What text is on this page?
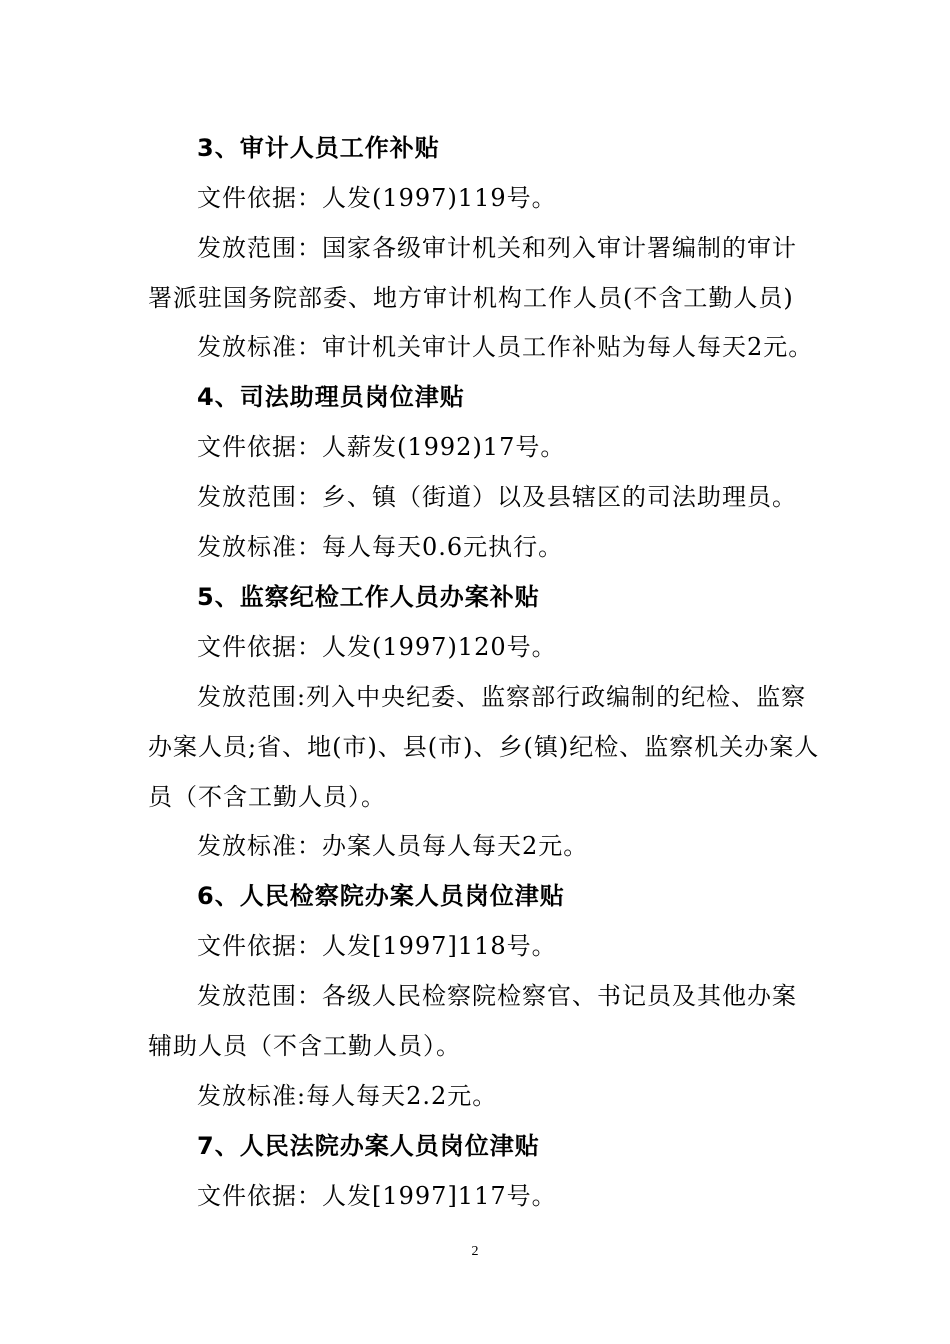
3、审计人员工作补贴
文件依据：人发(1997)119号。
发放范围：国家各级审计机关和列入审计署编制的审计
署派驻国务院部委、地方审计机构工作人员(不含工勤人员)
发放标准：审计机关审计人员工作补贴为每人每天2元。
4、司法助理员岗位津贴
文件依据：人薪发(1992)17号。
发放范围：乡、镇（街道）以及县辖区的司法助理员。
发放标准：每人每天0.6元执行。
5、监察纪检工作人员办案补贴
文件依据：人发(1997)120号。
发放范围:列入中央纪委、监察部行政编制的纪检、监察
办案人员;省、地(市)、县(市)、乡(镇)纪检、监察机关办案人
员（不含工勤人员）。
发放标准：办案人员每人每天2元。
6、人民检察院办案人员岗位津贴
文件依据：人发[1997]118号。
发放范围：各级人民检察院检察官、书记员及其他办案
辅助人员（不含工勤人员）。
发放标准:每人每天2.2元。
7、人民法院办案人员岗位津贴
文件依据：人发[1997]117号。
2
